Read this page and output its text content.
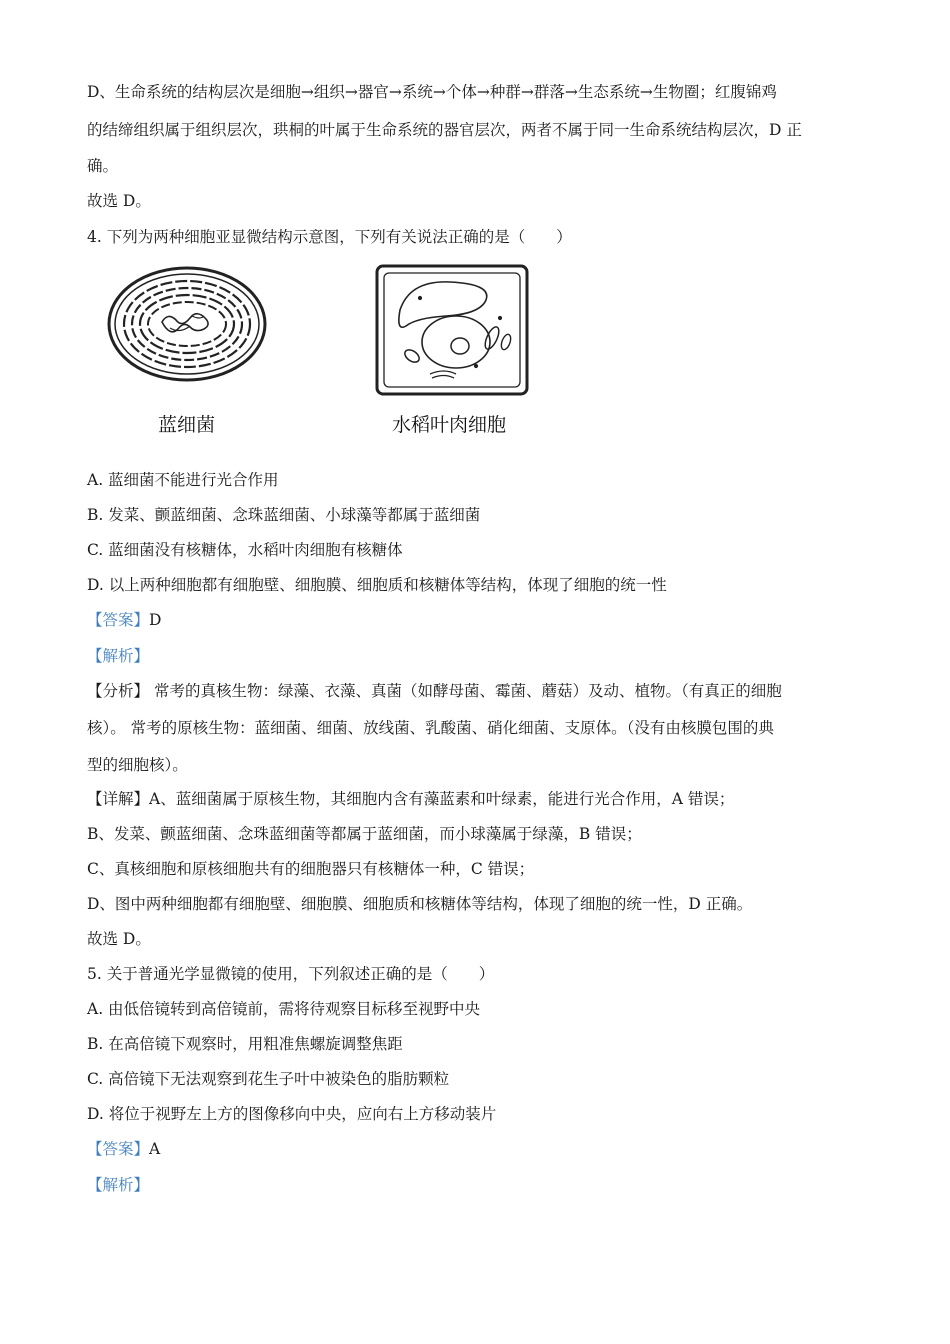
D、生命系统的结构层次是细胞→组织→器官→系统→个体→种群→群落→生态系统→生物圈；红腹锦鸡
的结缔组织属于组织层次，珙桐的叶属于生命系统的器官层次，两者不属于同一生命系统结构层次，D 正
确。
故选 D。
4. 下列为两种细胞亚显微结构示意图，下列有关说法正确的是（　　）
蓝细菌	水稻叶肉细胞
A. 蓝细菌不能进行光合作用
B. 发菜、颤蓝细菌、念珠蓝细菌、小球藻等都属于蓝细菌
C. 蓝细菌没有核糖体，水稻叶肉细胞有核糖体
D. 以上两种细胞都有细胞壁、细胞膜、细胞质和核糖体等结构，体现了细胞的统一性
【答案】D
【解析】
【分析】 常考的真核生物：绿藻、衣藻、真菌（如酵母菌、霉菌、蘑菇）及动、植物。（有真正的细胞
核）。 常考的原核生物：蓝细菌、细菌、放线菌、乳酸菌、硝化细菌、支原体。（没有由核膜包围的典
型的细胞核）。
【详解】A、蓝细菌属于原核生物，其细胞内含有藻蓝素和叶绿素，能进行光合作用，A 错误；
B、发菜、颤蓝细菌、念珠蓝细菌等都属于蓝细菌，而小球藻属于绿藻，B 错误；
C、真核细胞和原核细胞共有的细胞器只有核糖体一种，C 错误；
D、图中两种细胞都有细胞壁、细胞膜、细胞质和核糖体等结构，体现了细胞的统一性，D 正确。
故选 D。
5. 关于普通光学显微镜的使用，下列叙述正确的是（　　）
A. 由低倍镜转到高倍镜前，需将待观察目标移至视野中央
B. 在高倍镜下观察时，用粗准焦螺旋调整焦距
C. 高倍镜下无法观察到花生子叶中被染色的脂肪颗粒
D. 将位于视野左上方的图像移向中央，应向右上方移动装片
【答案】A
【解析】
